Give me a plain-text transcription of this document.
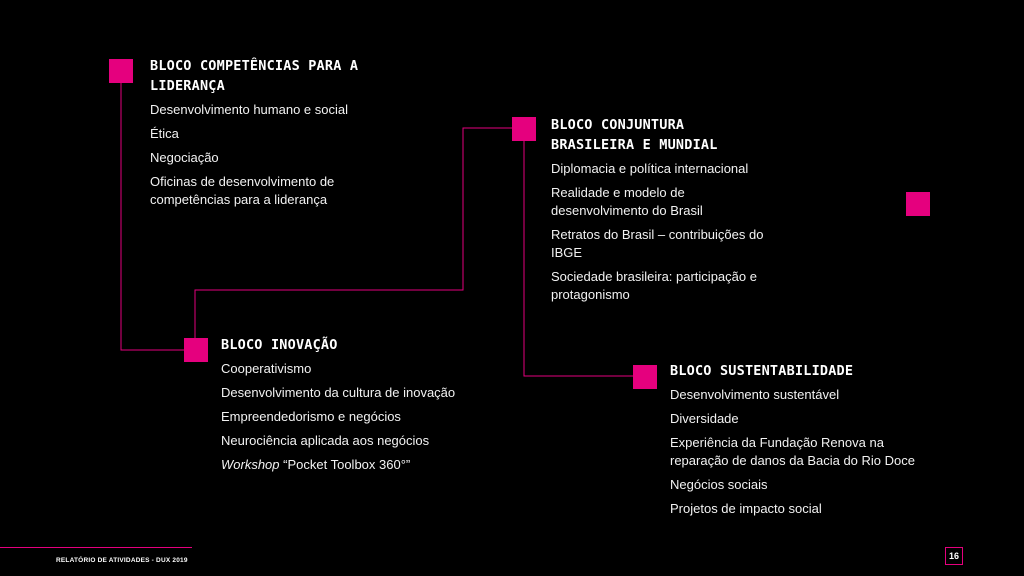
BLOCO COMPETÊNCIAS PARA A LIDERANÇA
Desenvolvimento humano e social
Ética
Negociação
Oficinas de desenvolvimento de competências para a liderança
BLOCO CONJUNTURA BRASILEIRA E MUNDIAL
Diplomacia e política internacional
Realidade e modelo de desenvolvimento do Brasil
Retratos do Brasil – contribuições do IBGE
Sociedade brasileira: participação e protagonismo
BLOCO INOVAÇÃO
Cooperativismo
Desenvolvimento da cultura de inovação
Empreendedorismo e negócios
Neurociência aplicada aos negócios
Workshop “Pocket Toolbox 360°”
BLOCO SUSTENTABILIDADE
Desenvolvimento sustentável
Diversidade
Experiência da Fundação Renova na reparação de danos da Bacia do Rio Doce
Negócios sociais
Projetos de impacto social
RELATÓRIO DE ATIVIDADES - DUX 2019	16
